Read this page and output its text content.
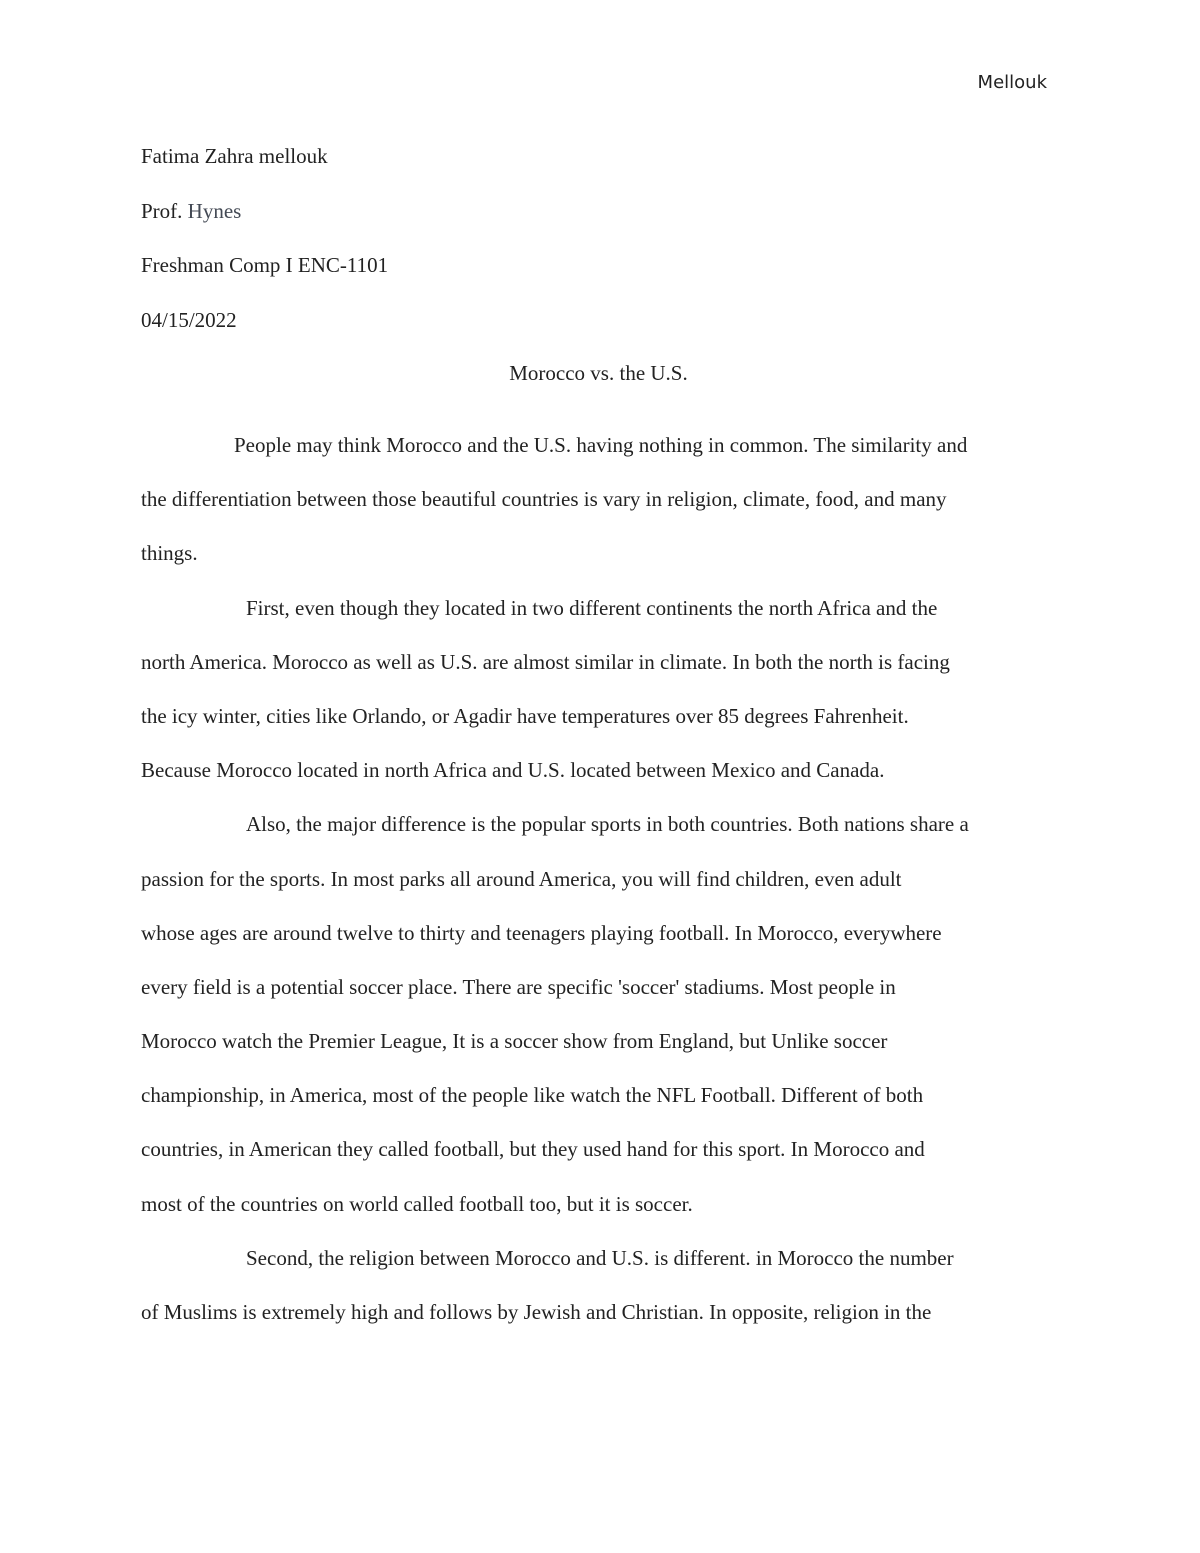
Mellouk
Fatima Zahra mellouk
Prof. Hynes
Freshman Comp I ENC-1101
04/15/2022
Morocco vs. the U.S.
People may think Morocco and the U.S. having nothing in common. The similarity and
the differentiation between those beautiful countries is vary in religion, climate, food, and many
things.
First, even though they located in two different continents the north Africa and the
north America. Morocco as well as U.S. are almost similar in climate. In both the north is facing
the icy winter, cities like Orlando, or Agadir have temperatures over 85 degrees Fahrenheit.
Because Morocco located in north Africa and U.S. located between Mexico and Canada.
Also, the major difference is the popular sports in both countries. Both nations share a
passion for the sports. In most parks all around America, you will find children, even adult
whose ages are around twelve to thirty and teenagers playing football. In Morocco, everywhere
every field is a potential soccer place. There are specific 'soccer' stadiums. Most people in
Morocco watch the Premier League, It is a soccer show from England, but Unlike soccer
championship, in America, most of the people like watch the NFL Football. Different of both
countries, in American they called football, but they used hand for this sport. In Morocco and
most of the countries on world called football too, but it is soccer.
Second, the religion between Morocco and U.S. is different. in Morocco the number
of Muslims is extremely high and follows by Jewish and Christian. In opposite, religion in the
